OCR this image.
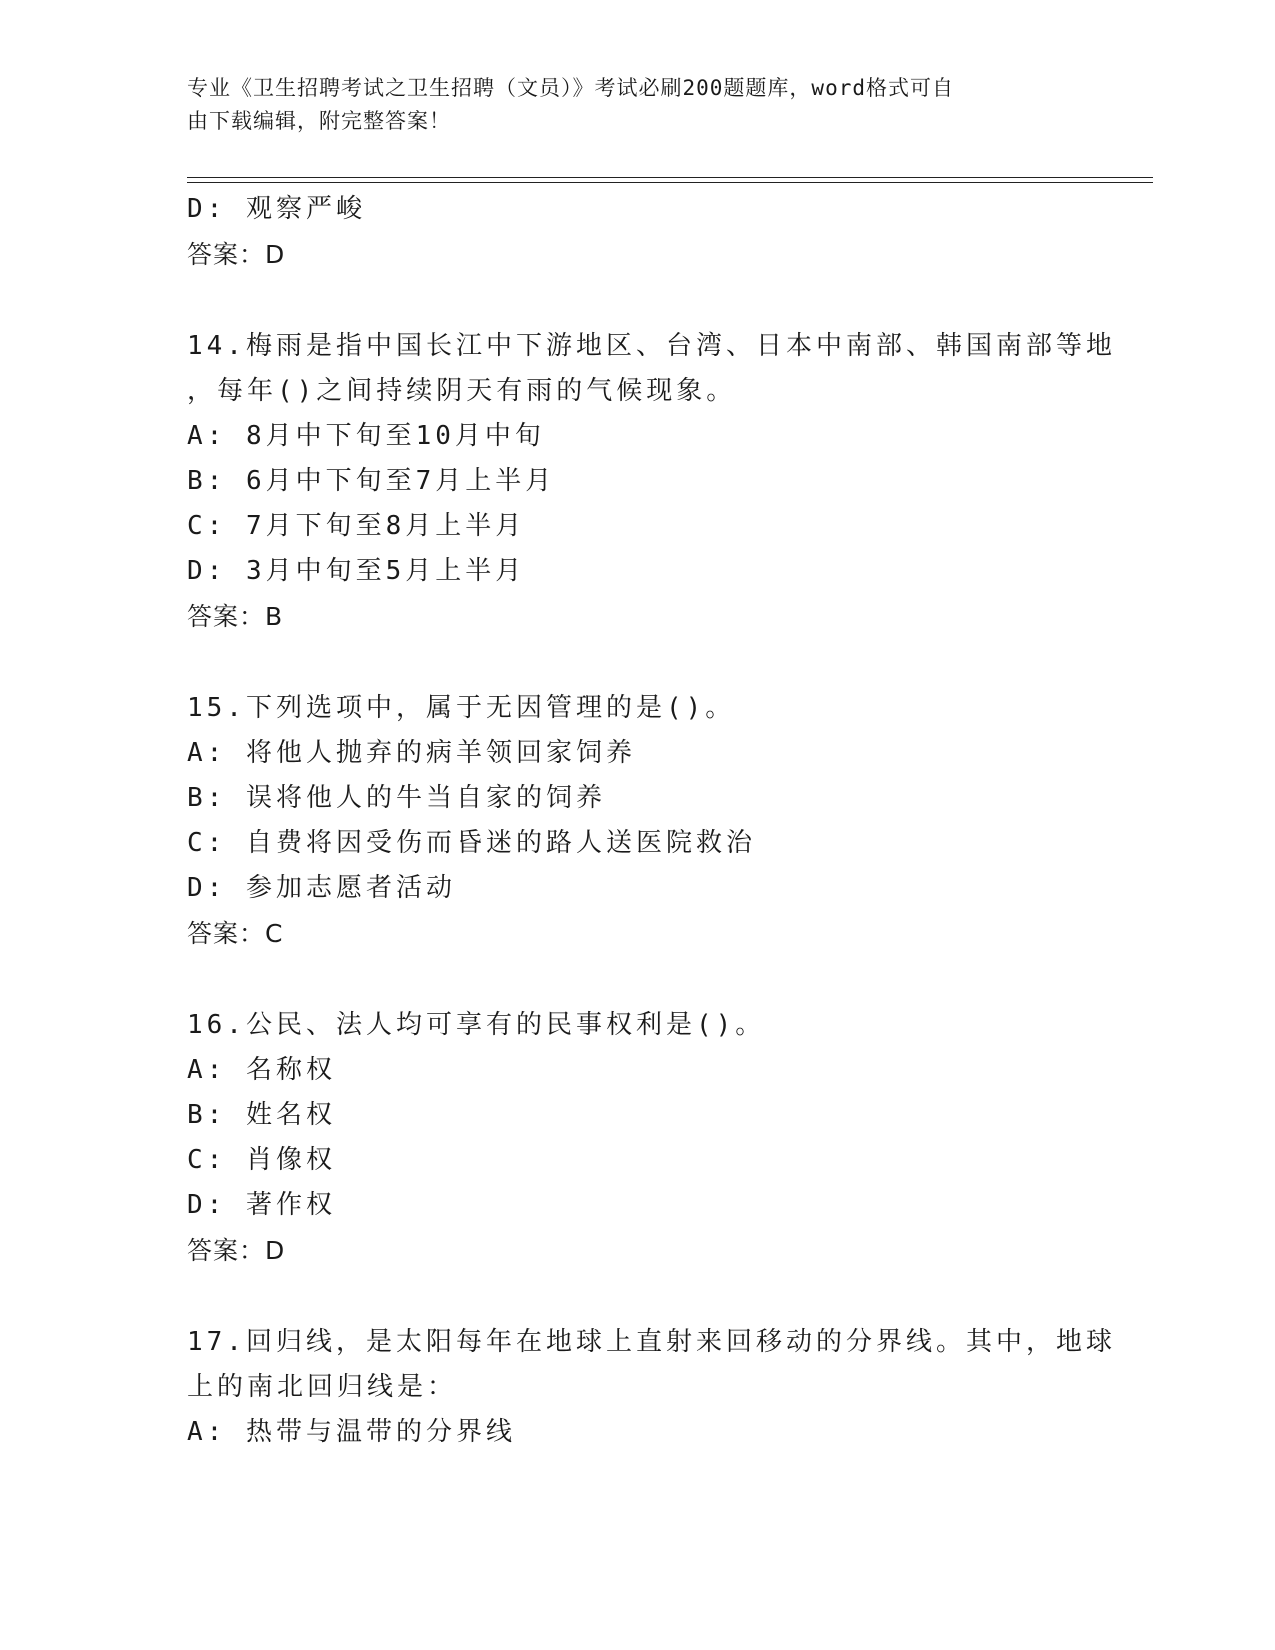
专业《卫生招聘考试之卫生招聘（文员）》考试必刷200题题库，word格式可自
由下载编辑，附完整答案！
D: 观察严峻
答案：D
14.梅雨是指中国长江中下游地区、台湾、日本中南部、韩国南部等地
，每年()之间持续阴天有雨的气候现象。
A: 8月中下旬至10月中旬
B: 6月中下旬至7月上半月
C: 7月下旬至8月上半月
D: 3月中旬至5月上半月
答案：B
15.下列选项中，属于无因管理的是()。
A: 将他人抛弃的病羊领回家饲养
B: 误将他人的牛当自家的饲养
C: 自费将因受伤而昏迷的路人送医院救治
D: 参加志愿者活动
答案：C
16.公民、法人均可享有的民事权利是()。
A: 名称权
B: 姓名权
C: 肖像权
D: 著作权
答案：D
17.回归线，是太阳每年在地球上直射来回移动的分界线。其中，地球
上的南北回归线是：
A: 热带与温带的分界线
